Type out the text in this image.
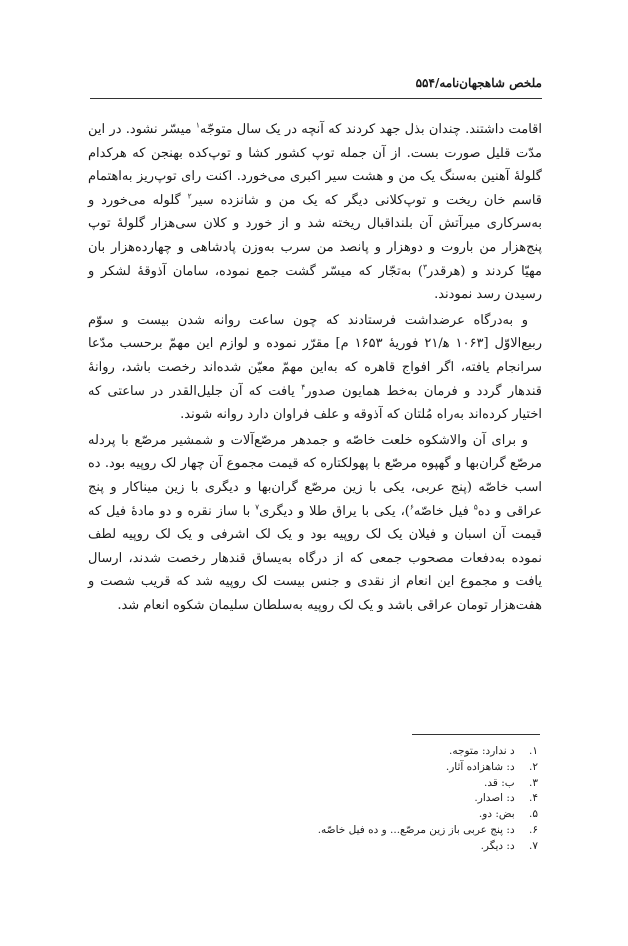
ملخص شاهجهان‌نامه/۵۵۴

اقامت داشتند. چندان بذل جهد کردند که آنچه در یک سال متوجّه$^۱$ میسّر نشود. در این مدّت قلیل صورت بست. از آن جمله توپ کشور کشا و توپ‌کده بهنجن که هرکدام گلولهٔ آهنین به‌سنگ یک من و هشت سیر اکبری می‌خورد. اکنت رای توپ‌ریز به‌اهتمام قاسم خان ریخت و توپ‌کلانی دیگر که یک من و شانزده سیر$^۲$ گلوله می‌خورد و به‌سرکاری میرآتش آن بلنداقبال ریخته شد و از خورد و کلان سی‌هزار گلولهٔ توپ پنج‌هزار من باروت و دوهزار و پانصد من سرب به‌وزن پادشاهی و چهارده‌هزار بان مهیّا کردند و (هرقدر$^۳$) به‌تجّار که میسّر گشت جمع نموده، سامان آذوقهٔ لشکر و رسیدن رسد نمودند.

و به‌درگاه عرضداشت فرستادند که چون ساعت روانه شدن بیست و سوّم ربیع‌الاوّل [۱۰۶۳ ه‍/۲۱ فوریهٔ ۱۶۵۳ م] مقرّر نموده و لوازم این مهمّ برحسب مدّعا سرانجام یافته، اگر افواج قاهره که به‌این مهمّ معیّن شده‌اند رخصت باشد، روانهٔ قندهار گردد و فرمان به‌خط همایون صدور$^۴$ یافت که آن جلیل‌القدر در ساعتی که اختیار کرده‌اند به‌راه مُلتان که آذوقه و علف فراوان دارد روانه شوند.

و برای آن والاشکوه خلعت خاصّه و جمدهر مرصّع‌آلات و شمشیر مرصّع با پردله مرصّع گران‌بها و گهپوه مرصّع با پهولکتاره که قیمت مجموع آن چهار لک روپیه بود. ده اسب خاصّه (پنج عربی، یکی با زین مرصّع گران‌بها و دیگری با زین میناکار و پنج عراقی و ده$^۵$ فیل خاصّه$^۶$)، یکی با یراق طلا و دیگری$^۷$ با ساز نقره و دو مادهٔ فیل که قیمت آن اسبان و فیلان یک لک روپیه بود و یک لک اشرفی و یک لک روپیه لطف نموده به‌دفعات مصحوب جمعی که از درگاه به‌یساق قندهار رخصت شدند، ارسال یافت و مجموع این انعام از نقدی و جنس بیست لک روپیه شد که قریب شصت و هفت‌هزار تومان عراقی باشد و یک لک روپیه به‌سلطان سلیمان شکوه انعام شد.

۱. د ندارد: متوجه.
۲. د: شاهزاده آثار.
۳. ب: قد.
۴. د: اصدار.
۵. بض: دو.
۶. د: پنج عربی باز زین مرصّع... و ده فیل خاصّه.
۷. د: دیگر.
